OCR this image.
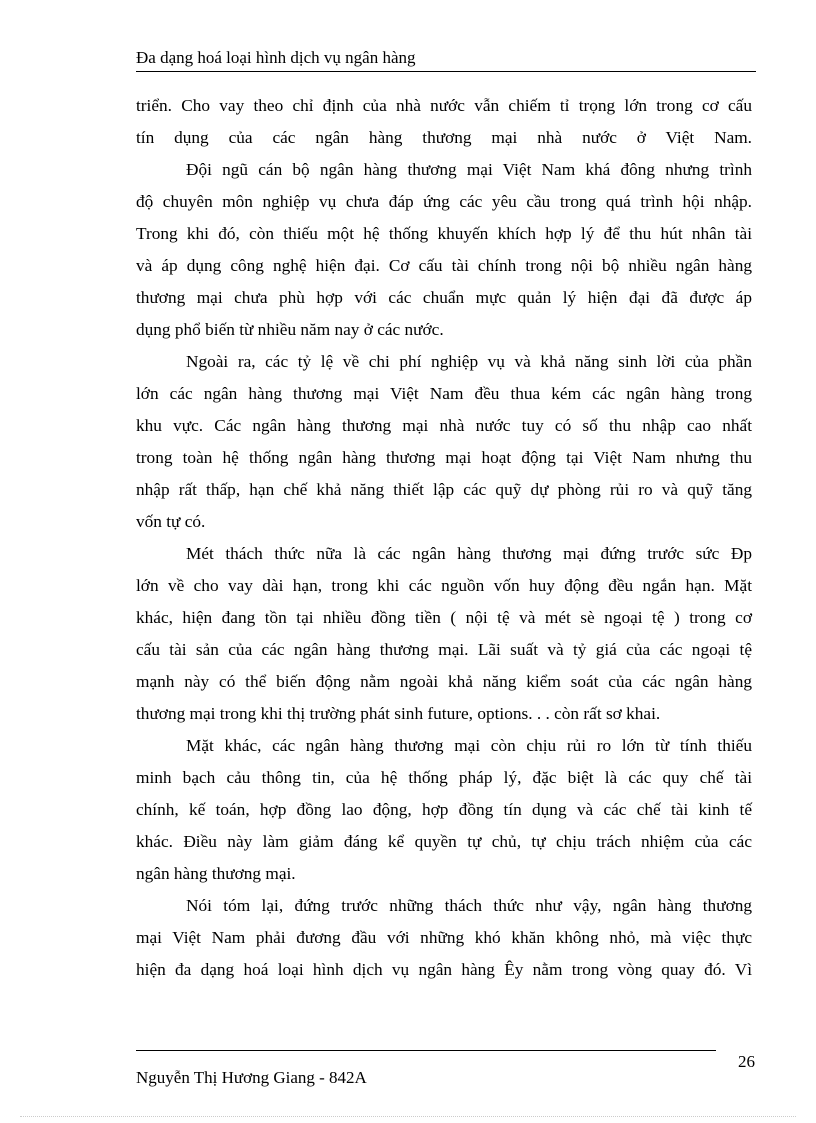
Đa dạng hoá loại hình dịch vụ ngân hàng
triển. Cho vay theo chỉ định của nhà nước vẫn chiếm tỉ trọng lớn trong cơ cấu
tín dụng của các ngân hàng thương mại nhà nước ở Việt Nam.
Đội ngũ cán bộ ngân hàng thương mại Việt Nam khá đông nhưng trình
độ chuyên môn nghiệp vụ chưa đáp ứng các yêu cầu trong quá trình hội nhập.
Trong khi đó, còn thiếu một hệ thống khuyến khích hợp lý để thu hút nhân tài
và áp dụng công nghệ hiện đại. Cơ cấu tài chính trong nội bộ nhiều ngân hàng
thương mại chưa phù hợp với các chuẩn mực quản lý hiện đại đã được áp
dụng phổ biến từ nhiều năm nay ở các nước.
Ngoài ra, các tỷ lệ về chi phí nghiệp vụ và khả năng sinh lời của phần
lớn các ngân hàng thương mại Việt Nam đều thua kém các ngân hàng trong
khu vực. Các ngân hàng thương mại nhà nước tuy có số thu nhập cao nhất
trong toàn hệ thống ngân hàng thương mại hoạt động tại Việt Nam nhưng thu
nhập rất thấp, hạn chế khả năng thiết lập các quỹ dự phòng rủi ro và quỹ tăng
vốn tự có.
Mét thách thức nữa là các ngân hàng thương mại đứng trước sức Đp
lớn về cho vay dài hạn, trong khi các nguồn vốn huy động đều ngắn hạn. Mặt
khác, hiện đang tồn tại nhiều đồng tiền ( nội tệ và mét sè ngoại tệ ) trong cơ
cấu tài sản của các ngân hàng thương mại. Lãi suất và tỷ giá của các ngoại tệ
mạnh này có thể biến động nằm ngoài khả năng kiểm soát của các ngân hàng
thương mại trong khi thị trường phát sinh future, options. . . còn rất sơ khai.
Mặt khác, các ngân hàng thương mại còn chịu rủi ro lớn từ tính thiếu
minh bạch cảu thông tin, của hệ thống pháp lý, đặc biệt là các quy chế tài
chính, kế toán, hợp đồng lao động, hợp đồng tín dụng và các chế tài kinh tế
khác. Điều này làm giảm đáng kể quyền tự chủ, tự chịu trách nhiệm của các
ngân hàng thương mại.
Nói tóm lại, đứng trước những thách thức như vậy, ngân hàng thương
mại Việt Nam phải đương đầu với những khó khăn không nhỏ, mà việc thực
hiện đa dạng hoá loại hình dịch vụ ngân hàng Êy nằm trong vòng quay đó. Vì
Nguyễn Thị Hương Giang - 842A
26
